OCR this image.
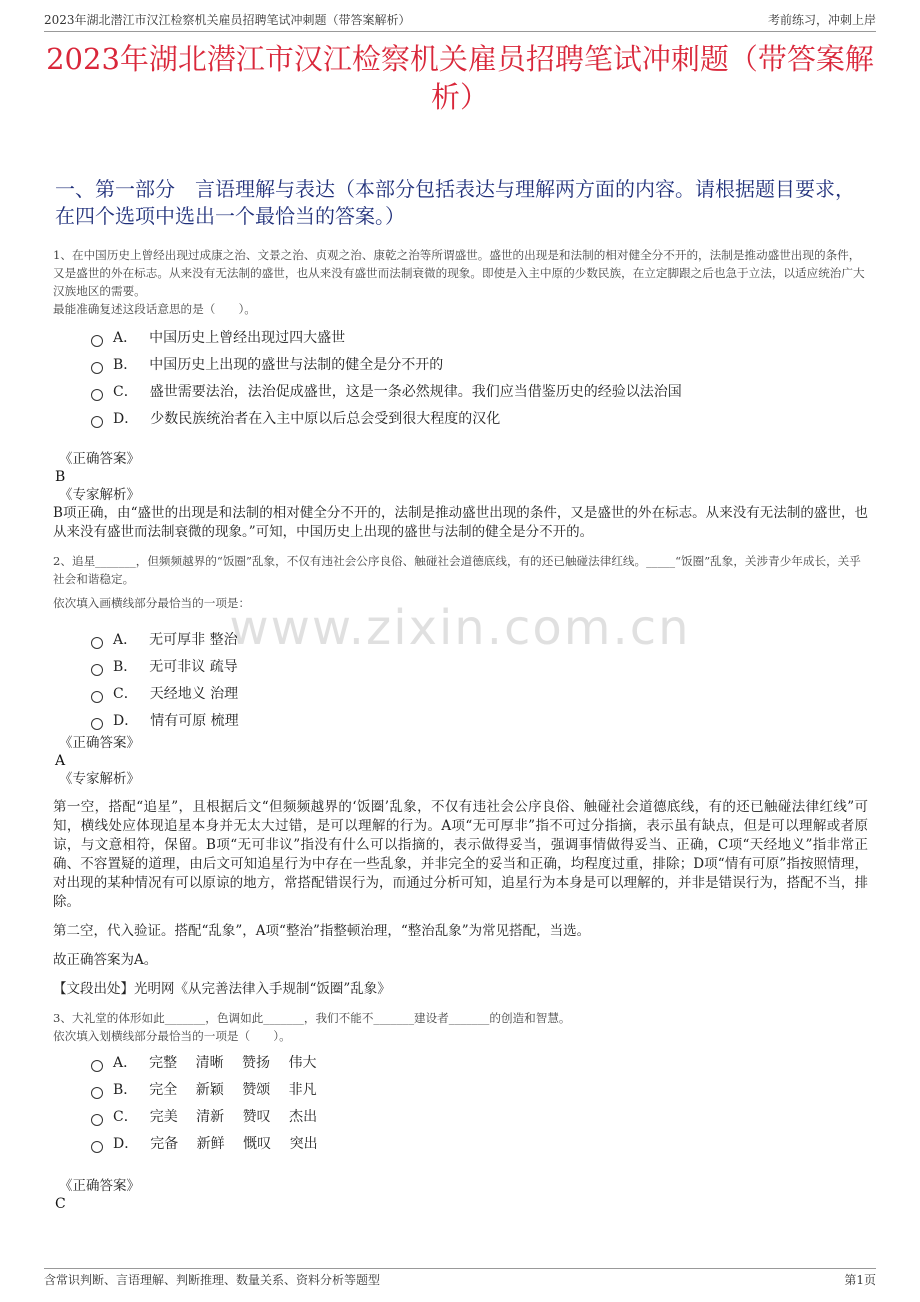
2023年湖北潜江市汉江检察机关雇员招聘笔试冲刺题（带答案解析）	考前练习，冲刺上岸
2023年湖北潜江市汉江检察机关雇员招聘笔试冲刺题（带答案解析）
一、第一部分　言语理解与表达（本部分包括表达与理解两方面的内容。请根据题目要求，在四个选项中选出一个最恰当的答案。）
www.zixin.com.cn

1、在中国历史上曾经出现过成康之治、文景之治、贞观之治、康乾之治等所谓盛世。盛世的出现是和法制的相对健全分不开的，法制是推动盛世出现的条件，又是盛世的外在标志。从来没有无法制的盛世，也从来没有盛世而法制衰微的现象。即使是入主中原的少数民族，在立定脚跟之后也急于立法，以适应统治广大汉族地区的需要。

最能准确复述这段话意思的是（　　）。

A． 中国历史上曾经出现过四大盛世
B． 中国历史上出现的盛世与法制的健全是分不开的
C． 盛世需要法治，法治促成盛世，这是一条必然规律。我们应当借鉴历史的经验以法治国
D． 少数民族统治者在入主中原以后总会受到很大程度的汉化
《正确答案》
B
《专家解析》

B项正确，由“盛世的出现是和法制的相对健全分不开的，法制是推动盛世出现的条件，又是盛世的外在标志。从来没有无法制的盛世，也从来没有盛世而法制衰微的现象。”可知，中国历史上出现的盛世与法制的健全是分不开的。

2、追星_______，但频频越界的“饭圈”乱象，不仅有违社会公序良俗、触碰社会道德底线，有的还已触碰法律红线。_____“饭圈”乱象，关涉青少年成长，关乎社会和谐稳定。

依次填入画横线部分最恰当的一项是：

A． 无可厚非 整治
B． 无可非议 疏导
C． 天经地义 治理
D． 情有可原 梳理
《正确答案》
A
《专家解析》

第一空，搭配“追星”，且根据后文“但频频越界的‘饭圈’乱象，不仅有违社会公序良俗、触碰社会道德底线，有的还已触碰法律红线”可知，横线处应体现追星本身并无太大过错，是可以理解的行为。A项“无可厚非”指不可过分指摘，表示虽有缺点，但是可以理解或者原谅，与文意相符，保留。B项“无可非议”指没有什么可以指摘的，表示做得妥当，强调事情做得妥当、正确，C项“天经地义”指非常正确、不容置疑的道理，由后文可知追星行为中存在一些乱象，并非完全的妥当和正确，均程度过重，排除；D项“情有可原”指按照情理，对出现的某种情况有可以原谅的地方，常搭配错误行为，而通过分析可知，追星行为本身是可以理解的，并非是错误行为，搭配不当，排除。

第二空，代入验证。搭配“乱象”，A项“整治”指整顿治理，“整治乱象”为常见搭配，当选。

故正确答案为A。

【文段出处】光明网《从完善法律入手规制“饭圈”乱象》

3、大礼堂的体形如此_______，色调如此_______，我们不能不_______建设者_______的创造和智慧。

依次填入划横线部分最恰当的一项是（　　）。

A． 完整　 清晰　 赞扬　 伟大
B． 完全　 新颖　 赞颂　 非凡
C． 完美　 清新　 赞叹　 杰出
D． 完备　 新鲜　 慨叹　 突出
《正确答案》
C
含常识判断、言语理解、判断推理、数量关系、资料分析等题型	第1页
